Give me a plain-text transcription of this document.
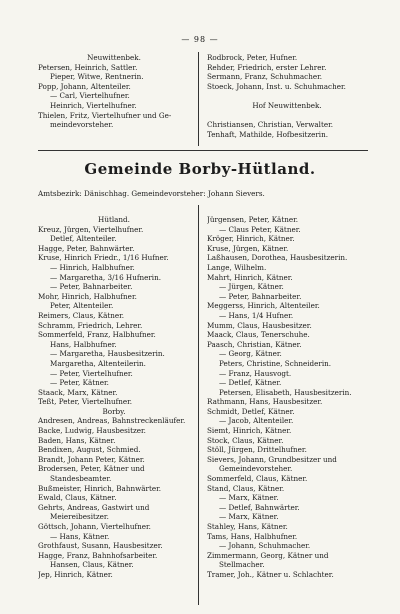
— 98 —
Neuwittenbek.
Petersen, Heinrich, Sattler.
Pieper, Witwe, Rentnerin.
Popp, Johann, Altenteiler.
— Carl, Viertelhufner.
Heinrich, Viertelhufner.
Thielen, Fritz, Viertelhufner und Ge-
meindevorsteher.
Rodbrock, Peter, Hufner.
Rehder, Friedrich, erster Lehrer.
Sermann, Franz, Schuhmacher.
Stoeck, Johann, Inst. u. Schuhmacher.
Hof Neuwittenbek.
Christiansen, Christian, Verwalter.
Tenhaft, Mathilde, Hofbesitzerin.
Gemeinde Borby-Hütland.
Amtsbezirk: Dänischhag. Gemeindevorsteher: Johann Sievers.
Hütland.
Kreuz, Jürgen, Viertelhufner.
Detlef, Altenteiler.
Hagge, Peter, Bahnwärter.
Kruse, Hinrich Friedr., 1/16 Hufner.
— Hinrich, Halbhufner.
— Margaretha, 3/16 Hufnerin.
— Peter, Bahnarbeiter.
Mohr, Hinrich, Halbhufner.
Peter, Altenteiler.
Reimers, Claus, Kätner.
Schramm, Friedrich, Lehrer.
Sommerfeld, Franz, Halbhufner.
Hans, Halbhufner.
— Margaretha, Hausbesitzerin.
Margaretha, Altenteilerin.
— Peter, Viertelhufner.
— Peter, Kätner.
Staack, Marx, Kätner.
Teßt, Peter, Viertelhufner.
Borby.
Andresen, Andreas, Bahnstreckenläufer.
Backe, Ludwig, Hausbesitzer.
Baden, Hans, Kätner.
Bendixen, August, Schmied.
Brandt, Johann Peter, Kätner.
Brodersen, Peter, Kätner und
Standesbeamter.
Bußmeister, Hinrich, Bahnwärter.
Ewald, Claus, Kätner.
Gehrts, Andreas, Gastwirt und
Meiereibesitzer.
Göttsch, Johann, Viertelhufner.
— Hans, Kätner.
Grothfaust, Susann, Hausbesitzer.
Hagge, Franz, Bahnhofsarbeiter.
Hansen, Claus, Kätner.
Jep, Hinrich, Kätner.
Jürgensen, Peter, Kätner.
— Claus Peter, Kätner.
Kröger, Hinrich, Kätner.
Kruse, Jürgen, Kätner.
Laßhausen, Dorothea, Hausbesitzerin.
Lange, Wilhelm.
Mahrt, Hinrich, Kätner.
— Jürgen, Kätner.
— Peter, Bahnarbeiter.
Meggerss, Hinrich, Altenteiler.
— Hans, 1/4 Hufner.
Mumm, Claus, Hausbesitzer.
Maack, Claus, Tenerschuhe.
Paasch, Christian, Kätner.
— Georg, Kätner.
Peters, Christine, Schneiderin.
— Franz, Hausvogt.
— Detlef, Kätner.
Petersen, Elisabeth, Hausbesitzerin.
Rathmann, Hans, Hausbesitzer.
Schmidt, Detlef, Kätner.
— Jacob, Altenteiler.
Siemt, Hinrich, Kätner.
Stock, Claus, Kätner.
Stöll, Jürgen, Drittelhufner.
Sievers, Johann, Grundbesitzer und
Gemeindevorsteher.
Sommerfeld, Claus, Kätner.
Stand, Claus, Kätner.
— Marx, Kätner.
— Detlef, Bahnwärter.
— Marx, Kätner.
Stahley, Hans, Kätner.
Tams, Hans, Halbhufner.
— Johann, Schuhmacher.
Zimmermann, Georg, Kätner und
Stellmacher.
Tramer, Joh., Kätner u. Schlachter.
